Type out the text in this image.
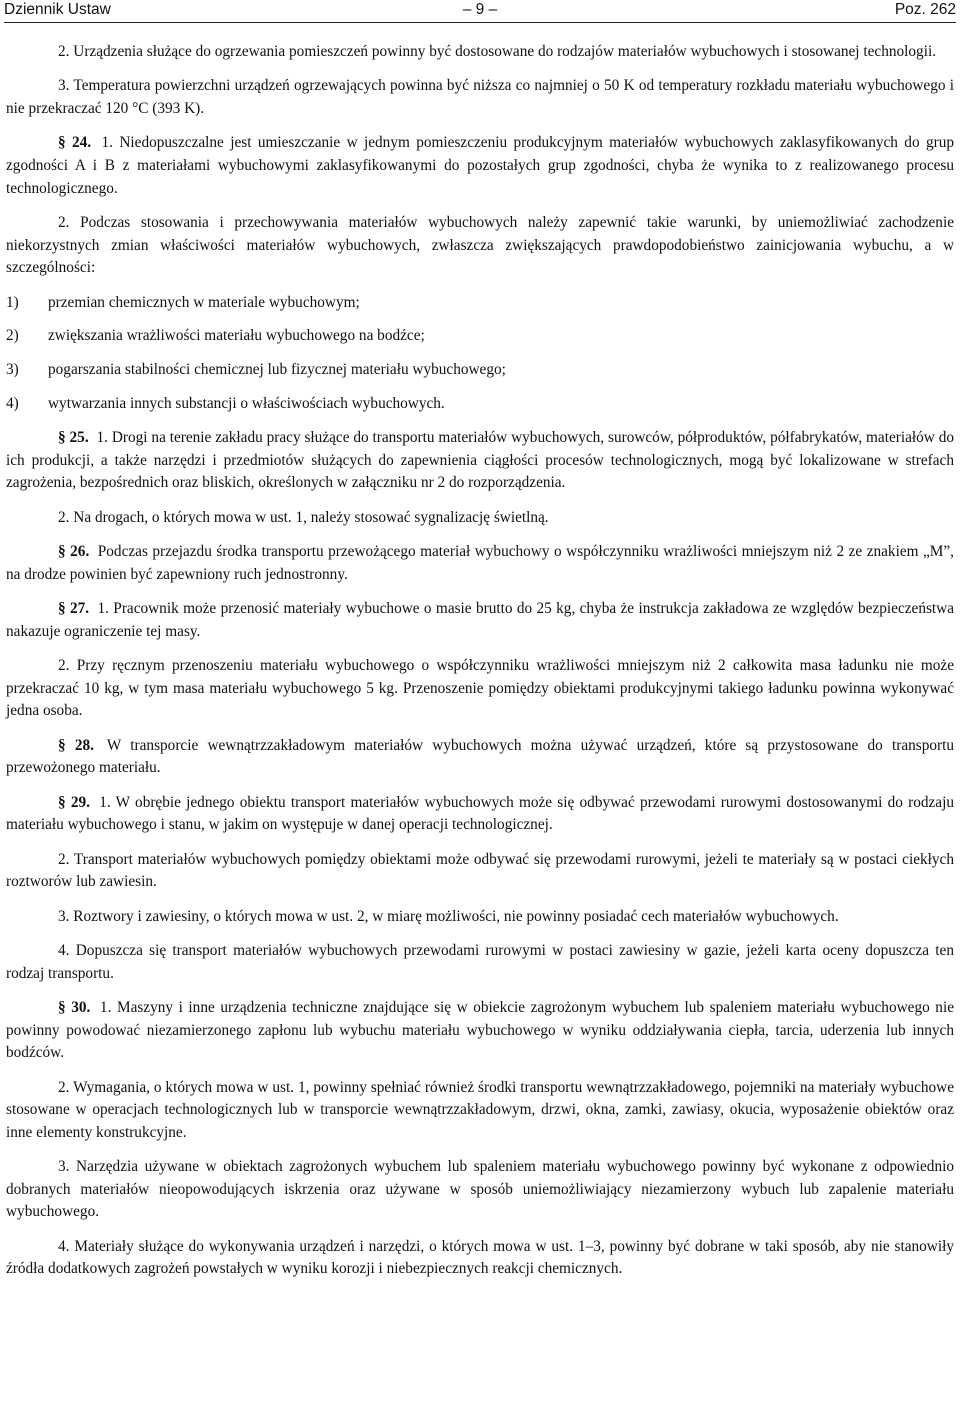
Dziennik Ustaw	– 9 –	Poz. 262

2. Urządzenia służące do ogrzewania pomieszczeń powinny być dostosowane do rodzajów materiałów wybuchowych i stosowanej technologii.

3. Temperatura powierzchni urządzeń ogrzewających powinna być niższa co najmniej o 50 K od temperatury rozkładu materiału wybuchowego i nie przekraczać 120 °C (393 K).

§ 24. 1. Niedopuszczalne jest umieszczanie w jednym pomieszczeniu produkcyjnym materiałów wybuchowych zaklasyfikowanych do grup zgodności A i B z materiałami wybuchowymi zaklasyfikowanymi do pozostałych grup zgodności, chyba że wynika to z realizowanego procesu technologicznego.

2. Podczas stosowania i przechowywania materiałów wybuchowych należy zapewnić takie warunki, by uniemożliwiać zachodzenie niekorzystnych zmian właściwości materiałów wybuchowych, zwłaszcza zwiększających prawdopodobieństwo zainicjowania wybuchu, a w szczególności:

1)	przemian chemicznych w materiale wybuchowym;

2)	zwiększania wrażliwości materiału wybuchowego na bodźce;

3)	pogarszania stabilności chemicznej lub fizycznej materiału wybuchowego;

4)	wytwarzania innych substancji o właściwościach wybuchowych.

§ 25. 1. Drogi na terenie zakładu pracy służące do transportu materiałów wybuchowych, surowców, półproduktów, półfabrykatów, materiałów do ich produkcji, a także narzędzi i przedmiotów służących do zapewnienia ciągłości procesów technologicznych, mogą być lokalizowane w strefach zagrożenia, bezpośrednich oraz bliskich, określonych w załączniku nr 2 do rozporządzenia.

2. Na drogach, o których mowa w ust. 1, należy stosować sygnalizację świetlną.

§ 26. Podczas przejazdu środka transportu przewożącego materiał wybuchowy o współczynniku wrażliwości mniejszym niż 2 ze znakiem „M”, na drodze powinien być zapewniony ruch jednostronny.

§ 27. 1. Pracownik może przenosić materiały wybuchowe o masie brutto do 25 kg, chyba że instrukcja zakładowa ze względów bezpieczeństwa nakazuje ograniczenie tej masy.

2. Przy ręcznym przenoszeniu materiału wybuchowego o współczynniku wrażliwości mniejszym niż 2 całkowita masa ładunku nie może przekraczać 10 kg, w tym masa materiału wybuchowego 5 kg. Przenoszenie pomiędzy obiektami produkcyjnymi takiego ładunku powinna wykonywać jedna osoba.

§ 28. W transporcie wewnątrzzakładowym materiałów wybuchowych można używać urządzeń, które są przystosowane do transportu przewożonego materiału.

§ 29. 1. W obrębie jednego obiektu transport materiałów wybuchowych może się odbywać przewodami rurowymi dostosowanymi do rodzaju materiału wybuchowego i stanu, w jakim on występuje w danej operacji technologicznej.

2. Transport materiałów wybuchowych pomiędzy obiektami może odbywać się przewodami rurowymi, jeżeli te materiały są w postaci ciekłych roztworów lub zawiesin.

3. Roztwory i zawiesiny, o których mowa w ust. 2, w miarę możliwości, nie powinny posiadać cech materiałów wybuchowych.

4. Dopuszcza się transport materiałów wybuchowych przewodami rurowymi w postaci zawiesiny w gazie, jeżeli karta oceny dopuszcza ten rodzaj transportu.

§ 30. 1. Maszyny i inne urządzenia techniczne znajdujące się w obiekcie zagrożonym wybuchem lub spaleniem materiału wybuchowego nie powinny powodować niezamierzonego zapłonu lub wybuchu materiału wybuchowego w wyniku oddziaływania ciepła, tarcia, uderzenia lub innych bodźców.

2. Wymagania, o których mowa w ust. 1, powinny spełniać również środki transportu wewnątrzzakładowego, pojemniki na materiały wybuchowe stosowane w operacjach technologicznych lub w transporcie wewnątrzzakładowym, drzwi, okna, zamki, zawiasy, okucia, wyposażenie obiektów oraz inne elementy konstrukcyjne.

3. Narzędzia używane w obiektach zagrożonych wybuchem lub spaleniem materiału wybuchowego powinny być wykonane z odpowiednio dobranych materiałów nieopowodujących iskrzenia oraz używane w sposób uniemożliwiający niezamierzony wybuch lub zapalenie materiału wybuchowego.

4. Materiały służące do wykonywania urządzeń i narzędzi, o których mowa w ust. 1–3, powinny być dobrane w taki sposób, aby nie stanowiły źródła dodatkowych zagrożeń powstałych w wyniku korozji i niebezpiecznych reakcji chemicznych.
